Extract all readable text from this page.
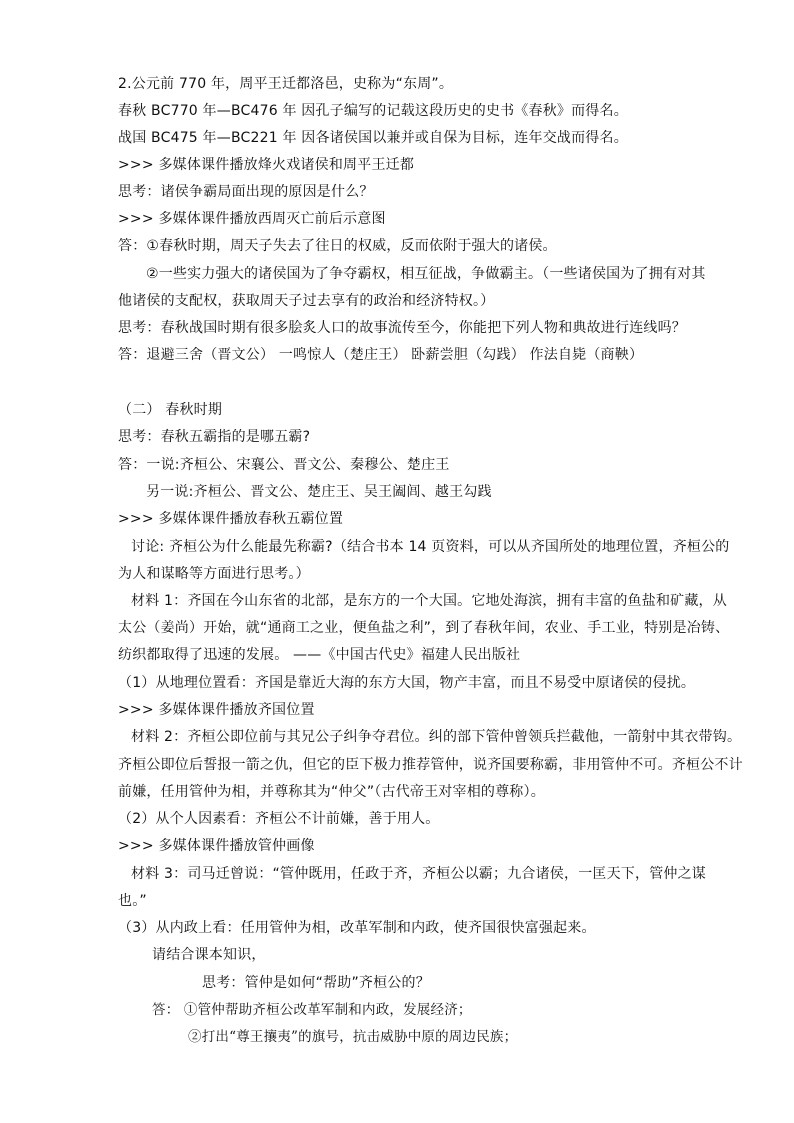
2.公元前 770 年，周平王迁都洛邑，史称为“东周”。
春秋 BC770 年—BC476 年 因孔子编写的记载这段历史的史书《春秋》而得名。
战国 BC475 年—BC221 年 因各诸侯国以兼并或自保为目标，连年交战而得名。
>>> 多媒体课件播放烽火戏诸侯和周平王迁都
思考：诸侯争霸局面出现的原因是什么？
>>> 多媒体课件播放西周灭亡前后示意图
答：①春秋时期，周天子失去了往日的权威，反而依附于强大的诸侯。
②一些实力强大的诸侯国为了争夺霸权，相互征战，争做霸主。（一些诸侯国为了拥有对其
他诸侯的支配权，获取周天子过去享有的政治和经济特权。）
思考：春秋战国时期有很多脍炙人口的故事流传至今，你能把下列人物和典故进行连线吗？
答：退避三舍（晋文公） 一鸣惊人（楚庄王） 卧薪尝胆（勾践） 作法自毙（商鞅）
（二） 春秋时期
思考：春秋五霸指的是哪五霸?
答：一说:齐桓公、宋襄公、晋文公、秦穆公、楚庄王
另一说:齐桓公、晋文公、楚庄王、吴王阖闾、越王勾践
>>> 多媒体课件播放春秋五霸位置
讨论: 齐桓公为什么能最先称霸?（结合书本 14 页资料，可以从齐国所处的地理位置，齐桓公的
为人和谋略等方面进行思考。）
材料 1：齐国在今山东省的北部，是东方的一个大国。它地处海滨，拥有丰富的鱼盐和矿藏，从
太公（姜尚）开始，就“通商工之业，便鱼盐之利”，到了春秋年间，农业、手工业，特别是冶铸、
纺织都取得了迅速的发展。 ——《中国古代史》福建人民出版社
（1）从地理位置看：齐国是靠近大海的东方大国，物产丰富，而且不易受中原诸侯的侵扰。
>>> 多媒体课件播放齐国位置
材料 2：齐桓公即位前与其兄公子纠争夺君位。纠的部下管仲曾领兵拦截他，一箭射中其衣带钩。
齐桓公即位后誓报一箭之仇，但它的臣下极力推荐管仲，说齐国要称霸，非用管仲不可。齐桓公不计
前嫌，任用管仲为相，并尊称其为“仲父”（古代帝王对宰相的尊称）。
（2）从个人因素看：齐桓公不计前嫌，善于用人。
>>> 多媒体课件播放管仲画像
材料 3：司马迁曾说：“管仲既用，任政于齐，齐桓公以霸；九合诸侯，一匡天下，管仲之谋
也。”
（3）从内政上看：任用管仲为相，改革军制和内政，使齐国很快富强起来。
请结合课本知识，
思考：管仲是如何“帮助”齐桓公的？
答： ①管仲帮助齐桓公改革军制和内政，发展经济；
②打出“尊王攘夷”的旗号，抗击威胁中原的周边民族；
